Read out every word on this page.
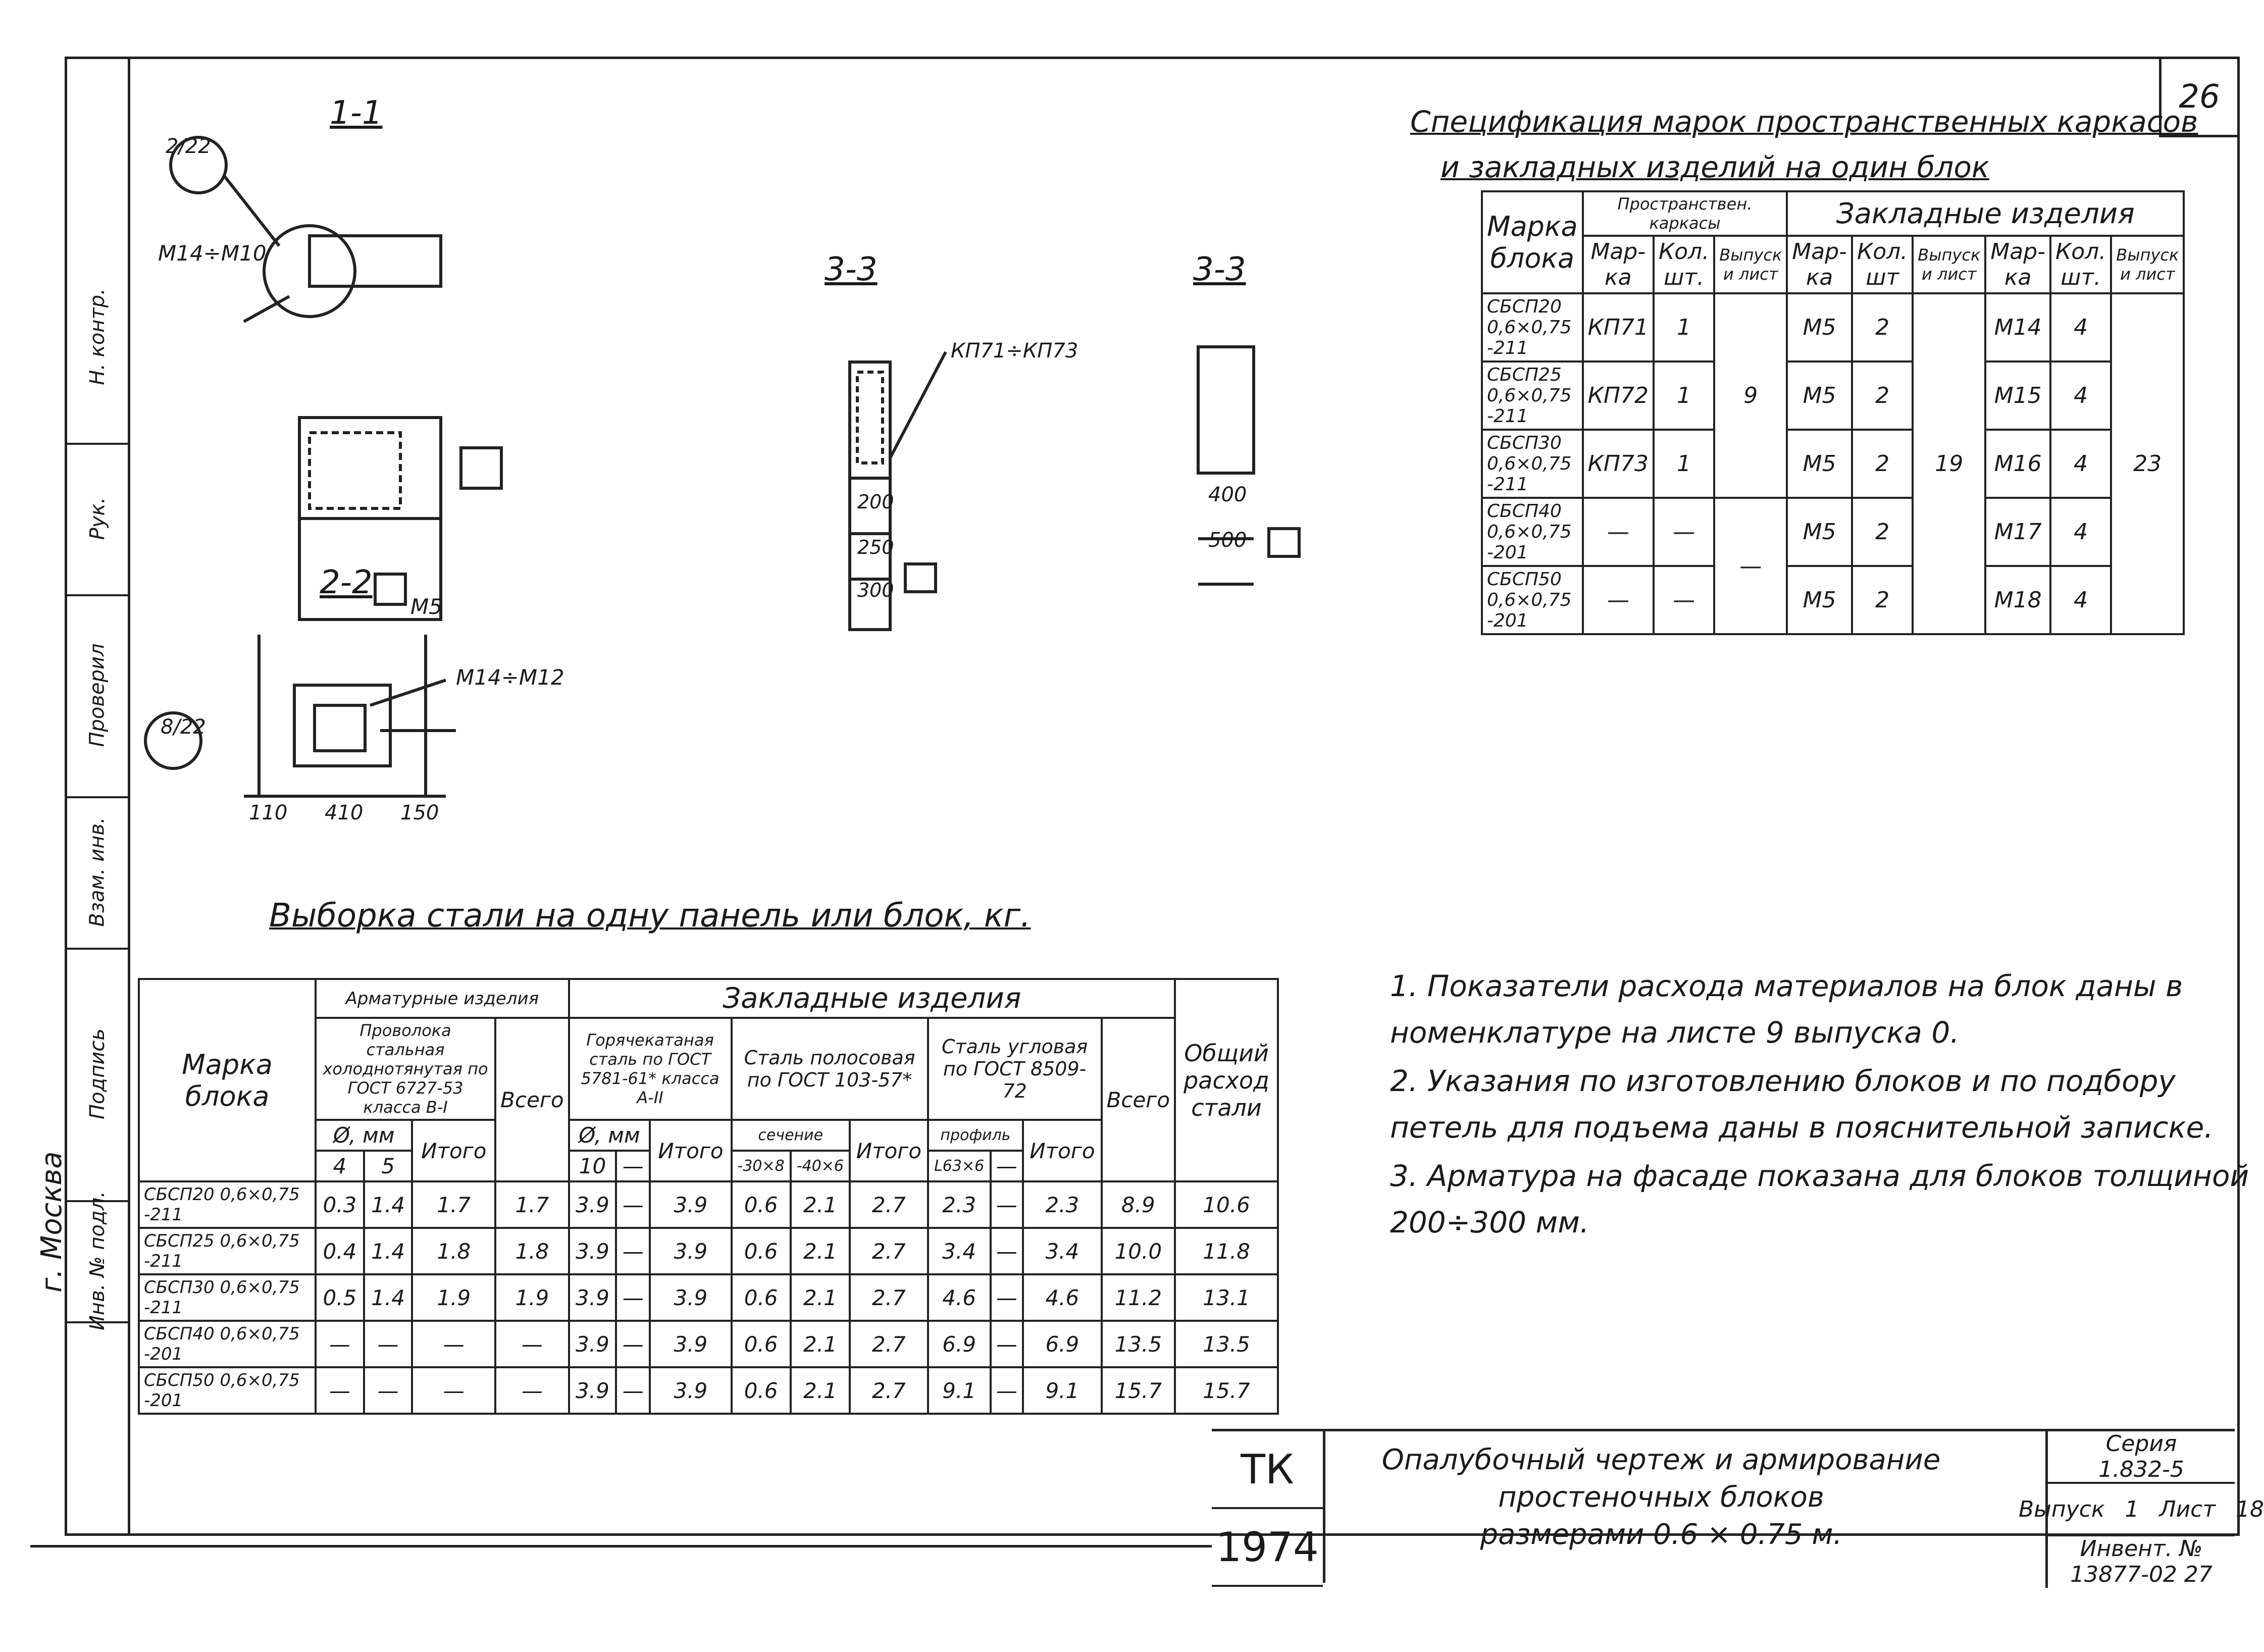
26
Н. контр.
Рук.
Проверил
Взам. инв.
Подпись
Инв. № подл.
1-1
2/22
М14÷М10
2-2
М5
М14÷М12
8/22
110 410 150
3-3
КП71÷КП73
200
250
300
3-3
400
500
Спецификация марок пространственных каркасов
и закладных изделий на один блок
Марка блока	Пространствен. каркасы			Закладные изделия					
	Мар-ка	Кол. шт.	Выпуск и лист	Мар-ка	Кол. шт	Выпуск и лист	Мар-ка	Кол. шт.	Выпуск и лист
СБСП20 0,6×0,75 -211	КП71	1	9	М5	2	19	М14	4	23
СБСП25 0,6×0,75 -211	КП72	1		М5	2		М15	4	
СБСП30 0,6×0,75 -211	КП73	1		М5	2		М16	4	
СБСП40 0,6×0,75 -201	—	—	—	М5	2		М17	4	
СБСП50 0,6×0,75 -201	—	—		М5	2		М18	4	
Выборка стали на одну панель или блок, кг.
Марка блока	Арматурные изделия				Закладные изделия										Общий расход стали
	Проволока стальная холоднотянутая по ГОСТ 6727-53 класса В-I			Всего	Горячекатаная сталь по ГОСТ 5781-61* класса А-II			Сталь полосовая по ГОСТ 103-57*			Сталь угловая по ГОСТ 8509-72			Всего	
	Ø, мм		Итого		Ø, мм		Итого	сечение		Итого	профиль		Итого		
	4	5			10	—		-30×8	-40×6		L63×6	—			
СБСП20 0,6×0,75 -211	0.3	1.4	1.7	1.7	3.9	—	3.9	0.6	2.1	2.7	2.3	—	2.3	8.9	10.6
СБСП25 0,6×0,75 -211	0.4	1.4	1.8	1.8	3.9	—	3.9	0.6	2.1	2.7	3.4	—	3.4	10.0	11.8
СБСП30 0,6×0,75 -211	0.5	1.4	1.9	1.9	3.9	—	3.9	0.6	2.1	2.7	4.6	—	4.6	11.2	13.1
СБСП40 0,6×0,75 -201	—	—	—	—	3.9	—	3.9	0.6	2.1	2.7	6.9	—	6.9	13.5	13.5
СБСП50 0,6×0,75 -201	—	—	—	—	3.9	—	3.9	0.6	2.1	2.7	9.1	—	9.1	15.7	15.7
1. Показатели расхода материалов на блок даны в номенклатуре на листе 9 выпуска 0.
2. Указания по изготовлению блоков и по подбору петель для подъема даны в пояснительной записке.
3. Арматура на фасаде показана для блоков толщиной 200÷300 мм.
г. Москва
ТК
1974
Опалубочный чертеж и армирование
простеночных блоков
размерами 0.6 × 0.75 м.
Серия
1.832-5
Выпуск 1 Лист 18
Инвент. №
13877-02 27
